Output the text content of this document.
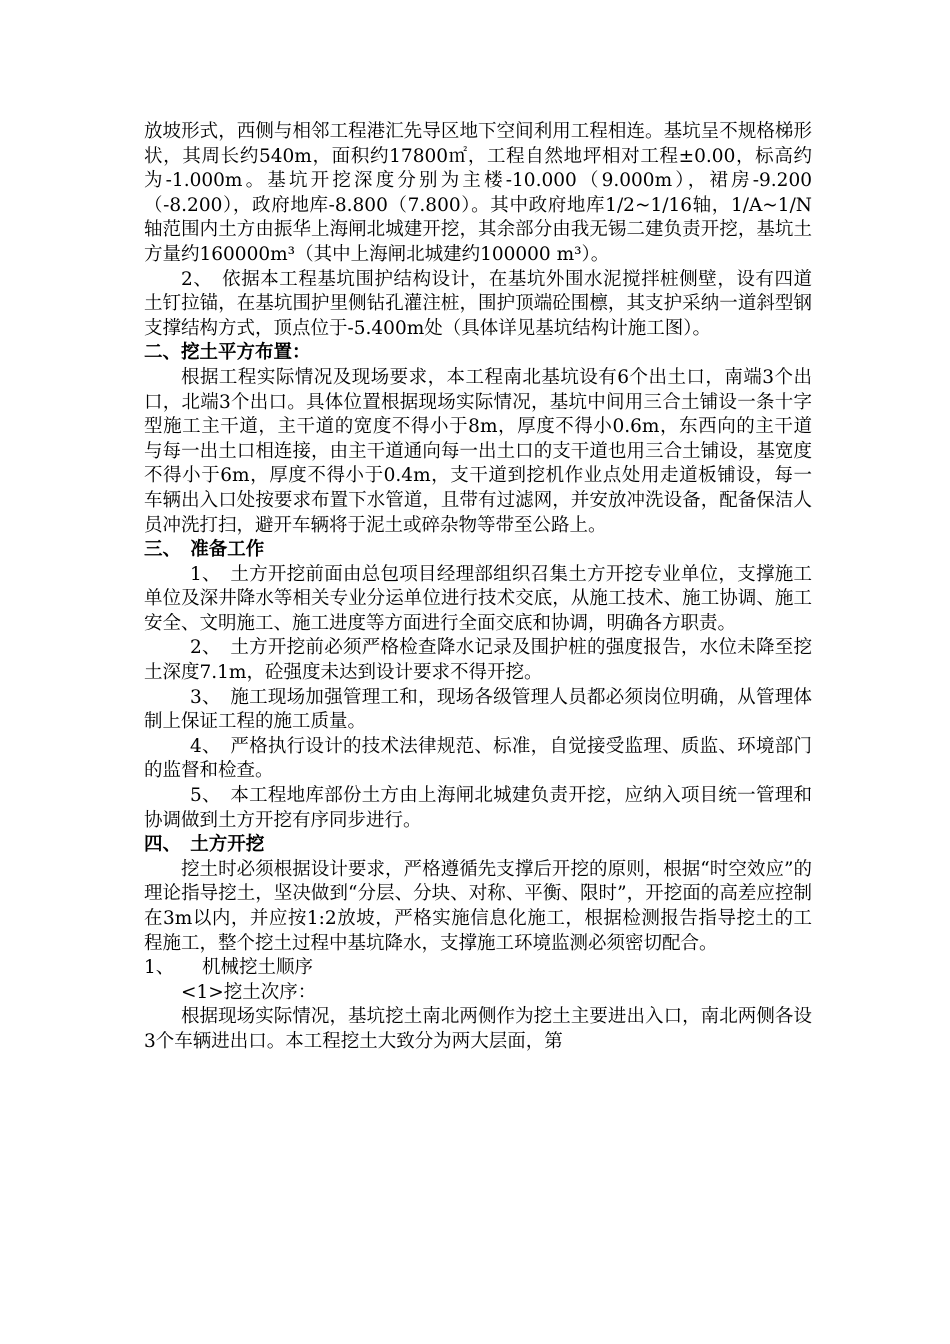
放坡形式，西侧与相邻工程港汇先导区地下空间利用工程相连。基坑呈不规格梯形状，其周长约540m，面积约17800㎡，工程自然地坪相对工程±0.00，标高约为-1.000m。基坑开挖深度分别为主楼-10.000（9.000m），裙房-9.200（-8.200），政府地库-8.800（7.800）。其中政府地库1/2~1/16轴，1/A~1/N轴范围内土方由振华上海闸北城建开挖，其余部分由我无锡二建负责开挖，基坑土方量约160000m³（其中上海闸北城建约100000 m³）。

2、　依据本工程基坑围护结构设计，在基坑外围水泥搅拌桩侧壁，设有四道土钉拉锚，在基坑围护里侧钻孔灌注桩，围护顶端砼围檩，其支护采纳一道斜型钢支撑结构方式，顶点位于-5.400m处（具体详见基坑结构计施工图）。

二、挖土平方布置：

根据工程实际情况及现场要求，本工程南北基坑设有6个出土口，南端3个出口，北端3个出口。具体位置根据现场实际情况，基坑中间用三合土铺设一条十字型施工主干道，主干道的宽度不得小于8m，厚度不得小0.6m，东西向的主干道与每一出土口相连接，由主干道通向每一出土口的支干道也用三合土铺设，基宽度不得小于6m，厚度不得小于0.4m，支干道到挖机作业点处用走道板铺设，每一车辆出入口处按要求布置下水管道，且带有过滤网，并安放冲洗设备，配备保洁人员冲洗打扫，避开车辆将于泥土或碎杂物等带至公路上。

三、　准备工作

1、　土方开挖前面由总包项目经理部组织召集土方开挖专业单位，支撑施工单位及深井降水等相关专业分运单位进行技术交底，从施工技术、施工协调、施工安全、文明施工、施工进度等方面进行全面交底和协调，明确各方职责。

2、　土方开挖前必须严格检查降水记录及围护桩的强度报告，水位未降至挖土深度7.1m，砼强度未达到设计要求不得开挖。

3、　施工现场加强管理工和，现场各级管理人员都必须岗位明确，从管理体制上保证工程的施工质量。

4、　严格执行设计的技术法律规范、标准，自觉接受监理、质监、环境部门的监督和检查。

5、　本工程地库部份土方由上海闸北城建负责开挖，应纳入项目统一管理和协调做到土方开挖有序同步进行。

四、　土方开挖

挖土时必须根据设计要求，严格遵循先支撑后开挖的原则，根据“时空效应”的理论指导挖土，坚决做到“分层、分块、对称、平衡、限时”，开挖面的高差应控制在3m以内，并应按1:2放坡，严格实施信息化施工，根据检测报告指导挖土的工程施工，整个挖土过程中基坑降水，支撑施工环境监测必须密切配合。

1、　　机械挖土顺序

<1>挖土次序：

根据现场实际情况，基坑挖土南北两侧作为挖土主要进出入口，南北两侧各设3个车辆进出口。本工程挖土大致分为两大层面，第
